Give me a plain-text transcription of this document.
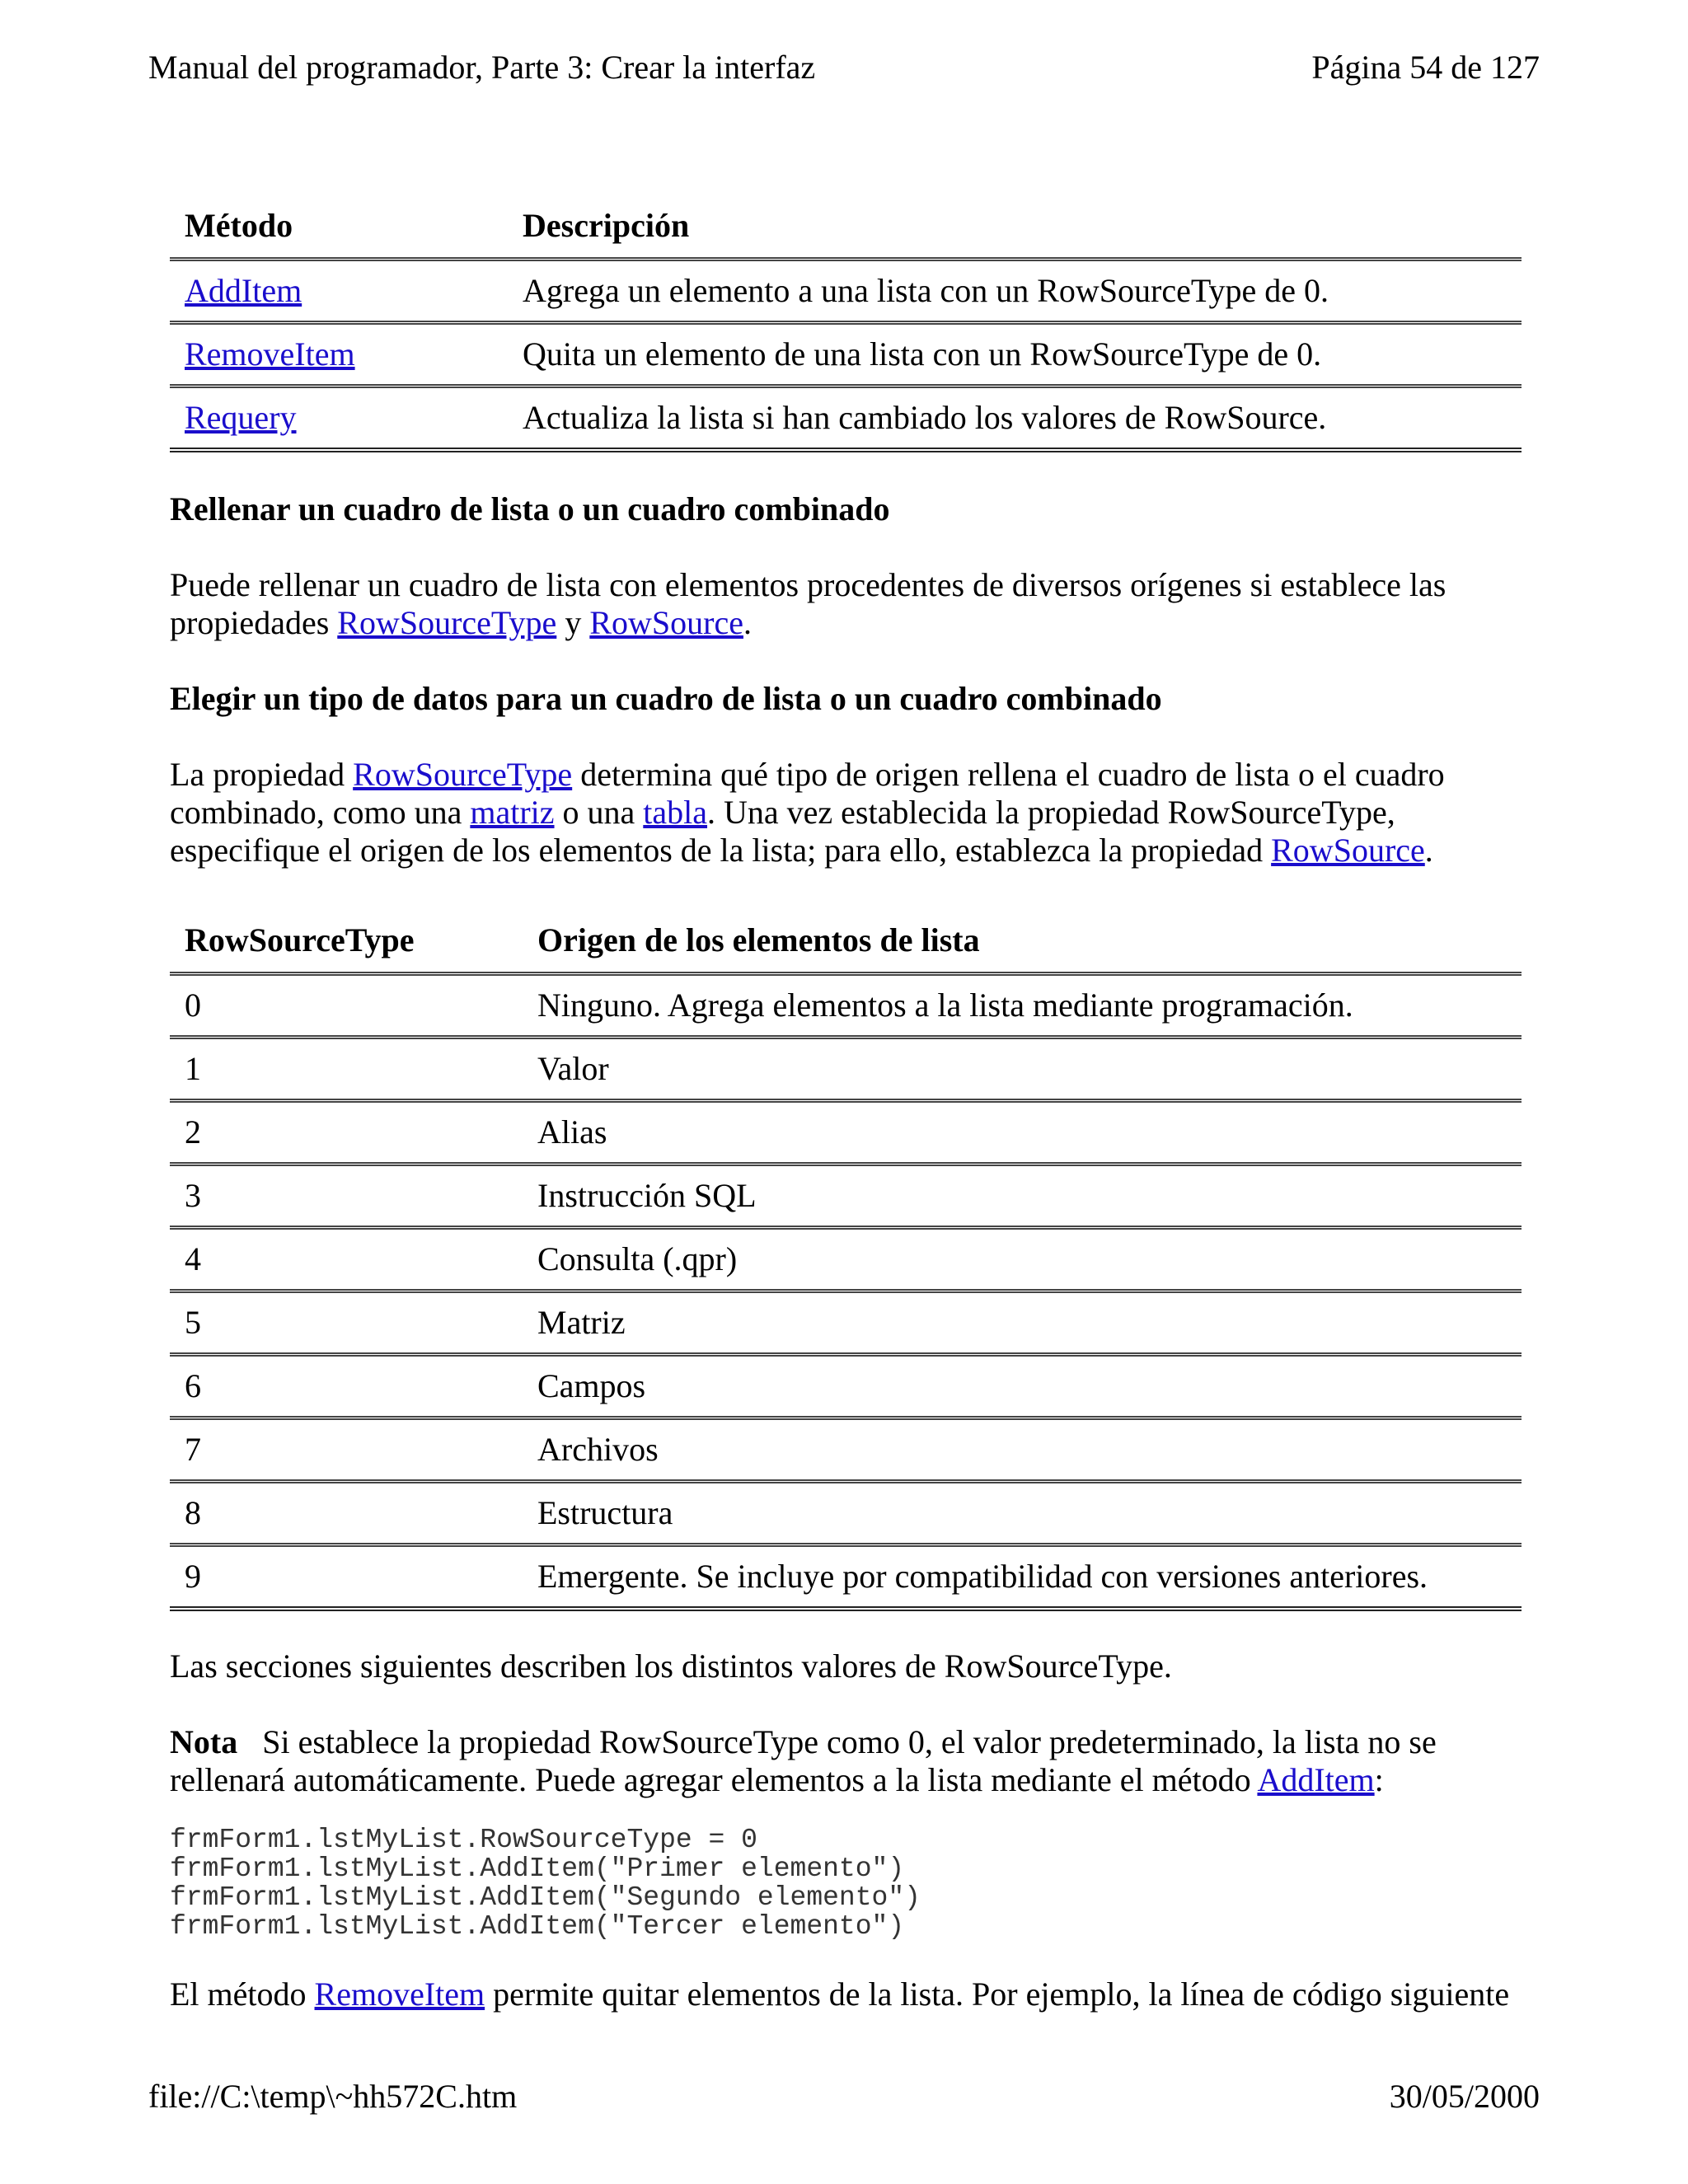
Manual del programador, Parte 3: Crear la interfaz	Página 54 de 127
Método	Descripción
AddItem	Agrega un elemento a una lista con un RowSourceType de 0.
RemoveItem	Quita un elemento de una lista con un RowSourceType de 0.
Requery	Actualiza la lista si han cambiado los valores de RowSource.
Rellenar un cuadro de lista o un cuadro combinado

Puede rellenar un cuadro de lista con elementos procedentes de diversos orígenes si establece las propiedades RowSourceType y RowSource.

Elegir un tipo de datos para un cuadro de lista o un cuadro combinado

La propiedad RowSourceType determina qué tipo de origen rellena el cuadro de lista o el cuadro combinado, como una matriz o una tabla. Una vez establecida la propiedad RowSourceType, especifique el origen de los elementos de la lista; para ello, establezca la propiedad RowSource.

RowSourceType	Origen de los elementos de lista
0	Ninguno. Agrega elementos a la lista mediante programación.
1	Valor
2	Alias
3	Instrucción SQL
4	Consulta (.qpr)
5	Matriz
6	Campos
7	Archivos
8	Estructura
9	Emergente. Se incluye por compatibilidad con versiones anteriores.

Las secciones siguientes describen los distintos valores de RowSourceType.

Nota   Si establece la propiedad RowSourceType como 0, el valor predeterminado, la lista no se rellenará automáticamente. Puede agregar elementos a la lista mediante el método AddItem:

frmForm1.lstMyList.RowSourceType = 0
frmForm1.lstMyList.AddItem("Primer elemento")
frmForm1.lstMyList.AddItem("Segundo elemento")
frmForm1.lstMyList.AddItem("Tercer elemento")

El método RemoveItem permite quitar elementos de la lista. Por ejemplo, la línea de código siguiente

file://C:\temp\~hh572C.htm	30/05/2000
